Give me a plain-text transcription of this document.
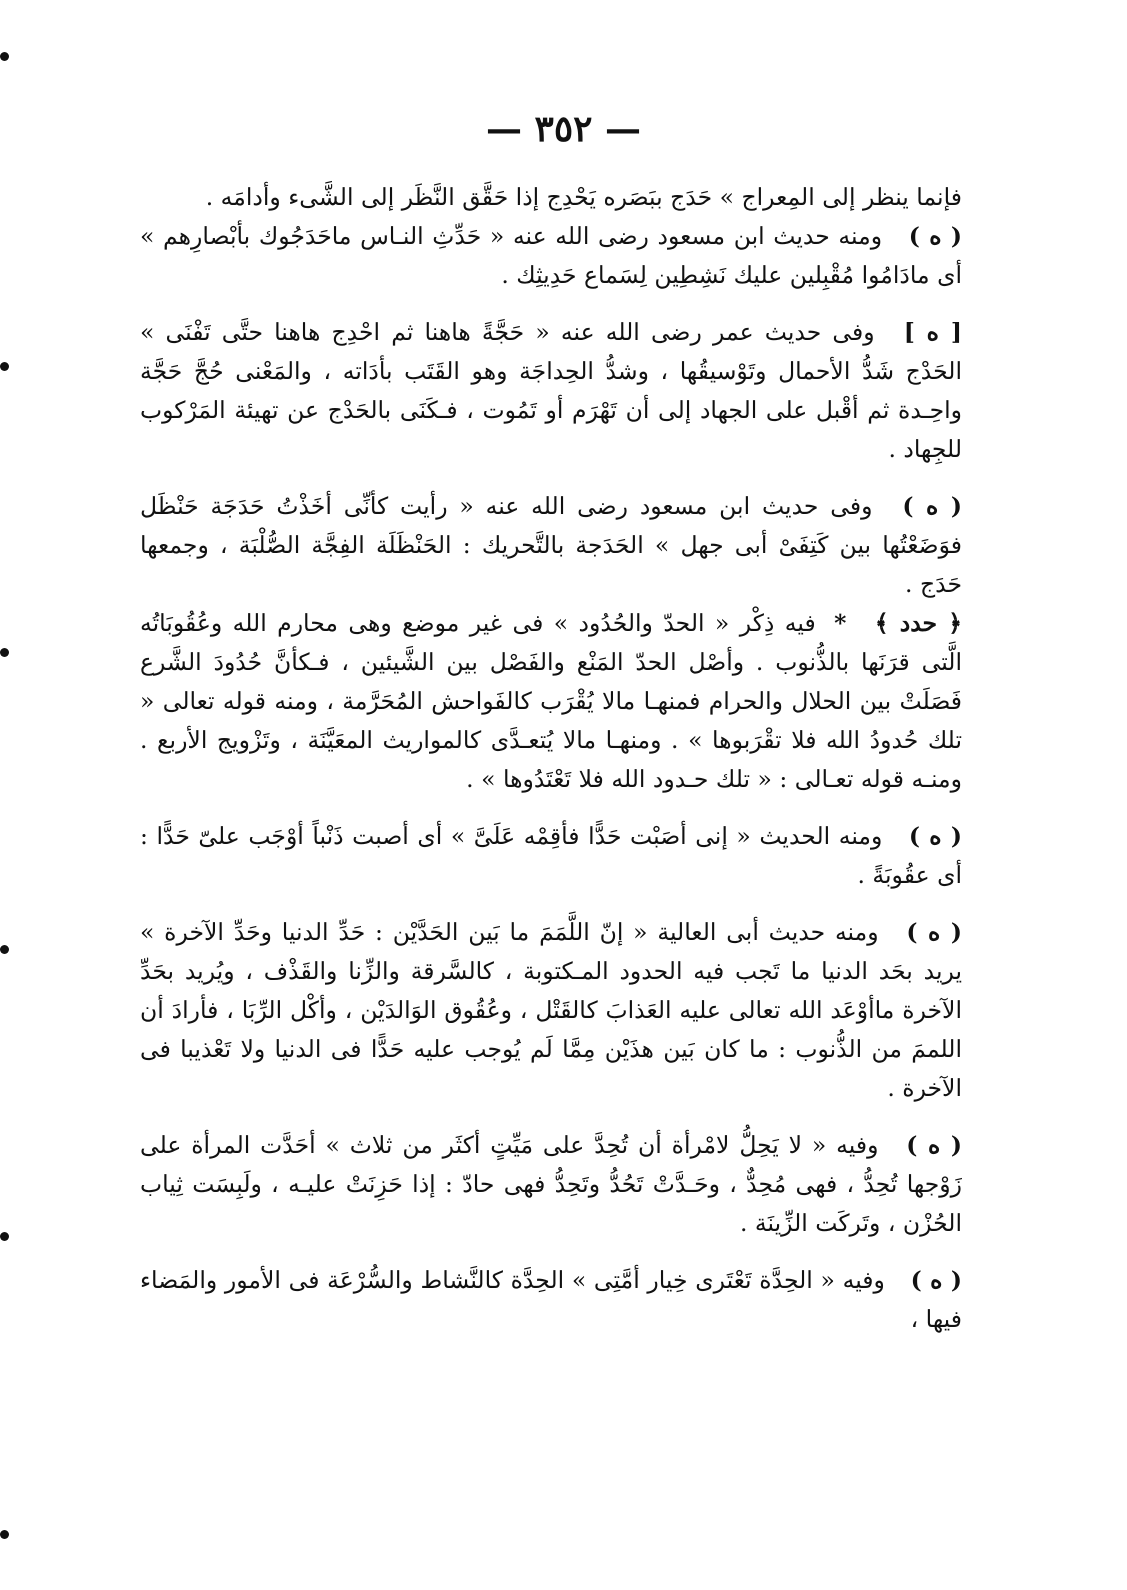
— ٣٥٢ —

فإنما ينظر إلى المِعراج » حَدَج ببَصَره يَحْدِج إذا حَقَّق النَّظَر إلى الشَّىء وأدامَه .

( ه ) ومنه حديث ابن مسعود رضى الله عنه « حَدِّثِ النـاس ماحَدَجُوك بأبْصارِهم » أى مادَامُوا مُقْبِلين عليك نَشِطِين لِسَماع حَدِيثِك .

[ ه ] وفى حديث عمر رضى الله عنه « حَجَّةً هاهنا ثم احْدِج هاهنا حتَّى تَفْنَى » الحَدْج شَدُّ الأحمال وتَوْسيقُها ، وشدُّ الحِداجَة وهو القَتَب بأدَاته ، والمَعْنى حُجَّ حَجَّة واحِـدة ثم أقْبل على الجهاد إلى أن تَهْرَم أو تَمُوت ، فـكَنَى بالحَدْج عن تهيئة المَرْكوب للجِهاد .

( ه ) وفى حديث ابن مسعود رضى الله عنه « رأيت كأنِّى أخَذْتُ حَدَجَة حَنْظَل فوَضَعْتُها بين كَتِفَىْ أبى جهل » الحَدَجة بالتَّحريك : الحَنْظَلَة الفِجَّة الصُّلْبَة ، وجمعها حَدَج .

﴿ حدد ﴾ * فيه ذِكْر « الحدّ والحُدُود » فى غير موضع وهى محارم الله وعُقُوبَاتُه الَّتى قرَنَها بالذُّنوب . وأصْل الحدّ المَنْع والفَصْل بين الشَّيئين ، فـكأنَّ حُدُودَ الشَّرع فَصَلَتْ بين الحلال والحرام فمنهـا مالا يُقْرَب كالفَواحش المُحَرَّمة ، ومنه قوله تعالى « تلك حُدودُ الله فلا تقْرَبوها » . ومنهـا مالا يُتعـدَّى كالمواريث المعَيَّنَة ، وتَزْويج الأربع . ومنـه قوله تعـالى : « تلك حـدود الله فلا تَعْتَدُوها » .

( ه ) ومنه الحديث « إنى أصَبْت حَدًّا فأقِمْه عَلَىَّ » أى أصبت ذَنْباً أوْجَب علىّ حَدًّا : أى عقُوبَةً .

( ه ) ومنه حديث أبى العالية « إنّ اللَّمَمَ ما بَين الحَدَّيْن : حَدِّ الدنيا وحَدِّ الآخرة » يريد بحَد الدنيا ما تَجب فيه الحدود المـكتوبة ، كالسَّرقة والزِّنا والقَذْف ، ويُريد بحَدِّ الآخرة ماأوْعَد الله تعالى عليه العَذابَ كالقَتْل ، وعُقُوق الوَالدَيْن ، وأكْل الرِّبَا ، فأرادَ أن اللممَ من الذُّنوب : ما كان بَين هذَيْن مِمَّا لَم يُوجب عليه حَدًّا فى الدنيا ولا تَعْذيبا فى الآخرة .

( ه ) وفيه « لا يَحِلُّ لامْرأة أن تُحِدَّ على مَيِّتٍ أكثَر من ثلاث » أحَدَّت المرأة على زَوْجها تُحِدُّ ، فهى مُحِدٌّ ، وحَـدَّتْ تَحُدُّ وتَحِدُّ فهى حادّ : إذا حَزِنَتْ عليـه ، ولَبِسَت ثِياب الحُزْن ، وتَركَت الزِّينَة .

( ه ) وفيه « الحِدَّة تَعْتَرى خِيار أمَّتِى » الحِدَّة كالنَّشاط والسُّرْعَة فى الأمور والمَضاء فيها ،
